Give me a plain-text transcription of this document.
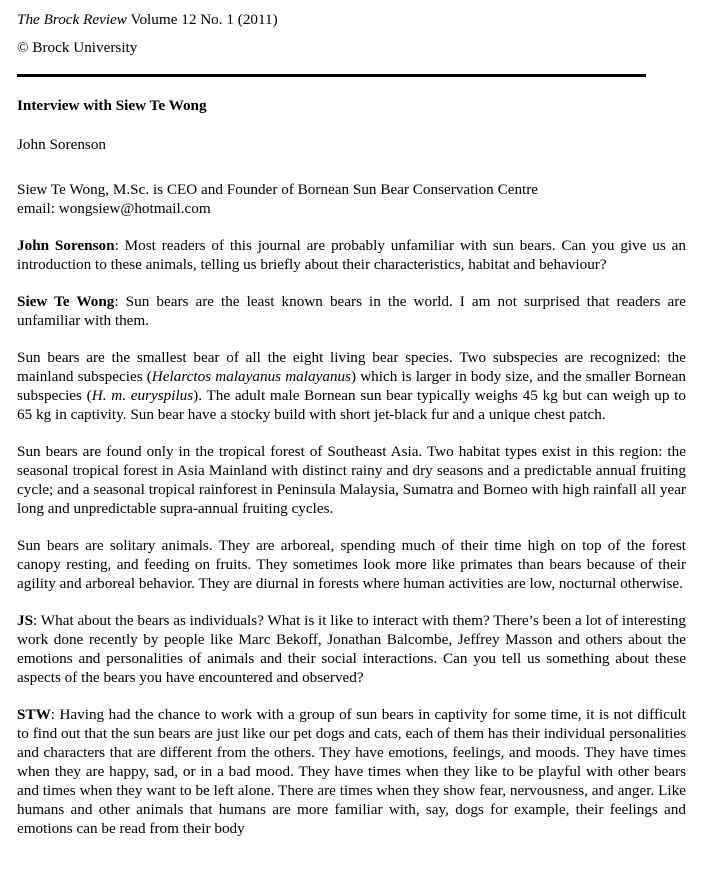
The Brock Review Volume 12 No. 1 (2011)
© Brock University
Interview with Siew Te Wong
John Sorenson
Siew Te Wong, M.Sc. is CEO and Founder of Bornean Sun Bear Conservation Centre
email: wongsiew@hotmail.com

John Sorenson: Most readers of this journal are probably unfamiliar with sun bears. Can you give us an introduction to these animals, telling us briefly about their characteristics, habitat and behaviour?

Siew Te Wong: Sun bears are the least known bears in the world. I am not surprised that readers are unfamiliar with them.

Sun bears are the smallest bear of all the eight living bear species. Two subspecies are recognized: the mainland subspecies (Helarctos malayanus malayanus) which is larger in body size, and the smaller Bornean subspecies (H. m. euryspilus). The adult male Bornean sun bear typically weighs 45 kg but can weigh up to 65 kg in captivity. Sun bear have a stocky build with short jet-black fur and a unique chest patch.

Sun bears are found only in the tropical forest of Southeast Asia. Two habitat types exist in this region: the seasonal tropical forest in Asia Mainland with distinct rainy and dry seasons and a predictable annual fruiting cycle; and a seasonal tropical rainforest in Peninsula Malaysia, Sumatra and Borneo with high rainfall all year long and unpredictable supra-annual fruiting cycles.

Sun bears are solitary animals. They are arboreal, spending much of their time high on top of the forest canopy resting, and feeding on fruits. They sometimes look more like primates than bears because of their agility and arboreal behavior. They are diurnal in forests where human activities are low, nocturnal otherwise.

JS: What about the bears as individuals? What is it like to interact with them? There’s been a lot of interesting work done recently by people like Marc Bekoff, Jonathan Balcombe, Jeffrey Masson and others about the emotions and personalities of animals and their social interactions. Can you tell us something about these aspects of the bears you have encountered and observed?

STW: Having had the chance to work with a group of sun bears in captivity for some time, it is not difficult to find out that the sun bears are just like our pet dogs and cats, each of them has their individual personalities and characters that are different from the others. They have emotions, feelings, and moods. They have times when they are happy, sad, or in a bad mood. They have times when they like to be playful with other bears and times when they want to be left alone. There are times when they show fear, nervousness, and anger. Like humans and other animals that humans are more familiar with, say, dogs for example, their feelings and emotions can be read from their body
